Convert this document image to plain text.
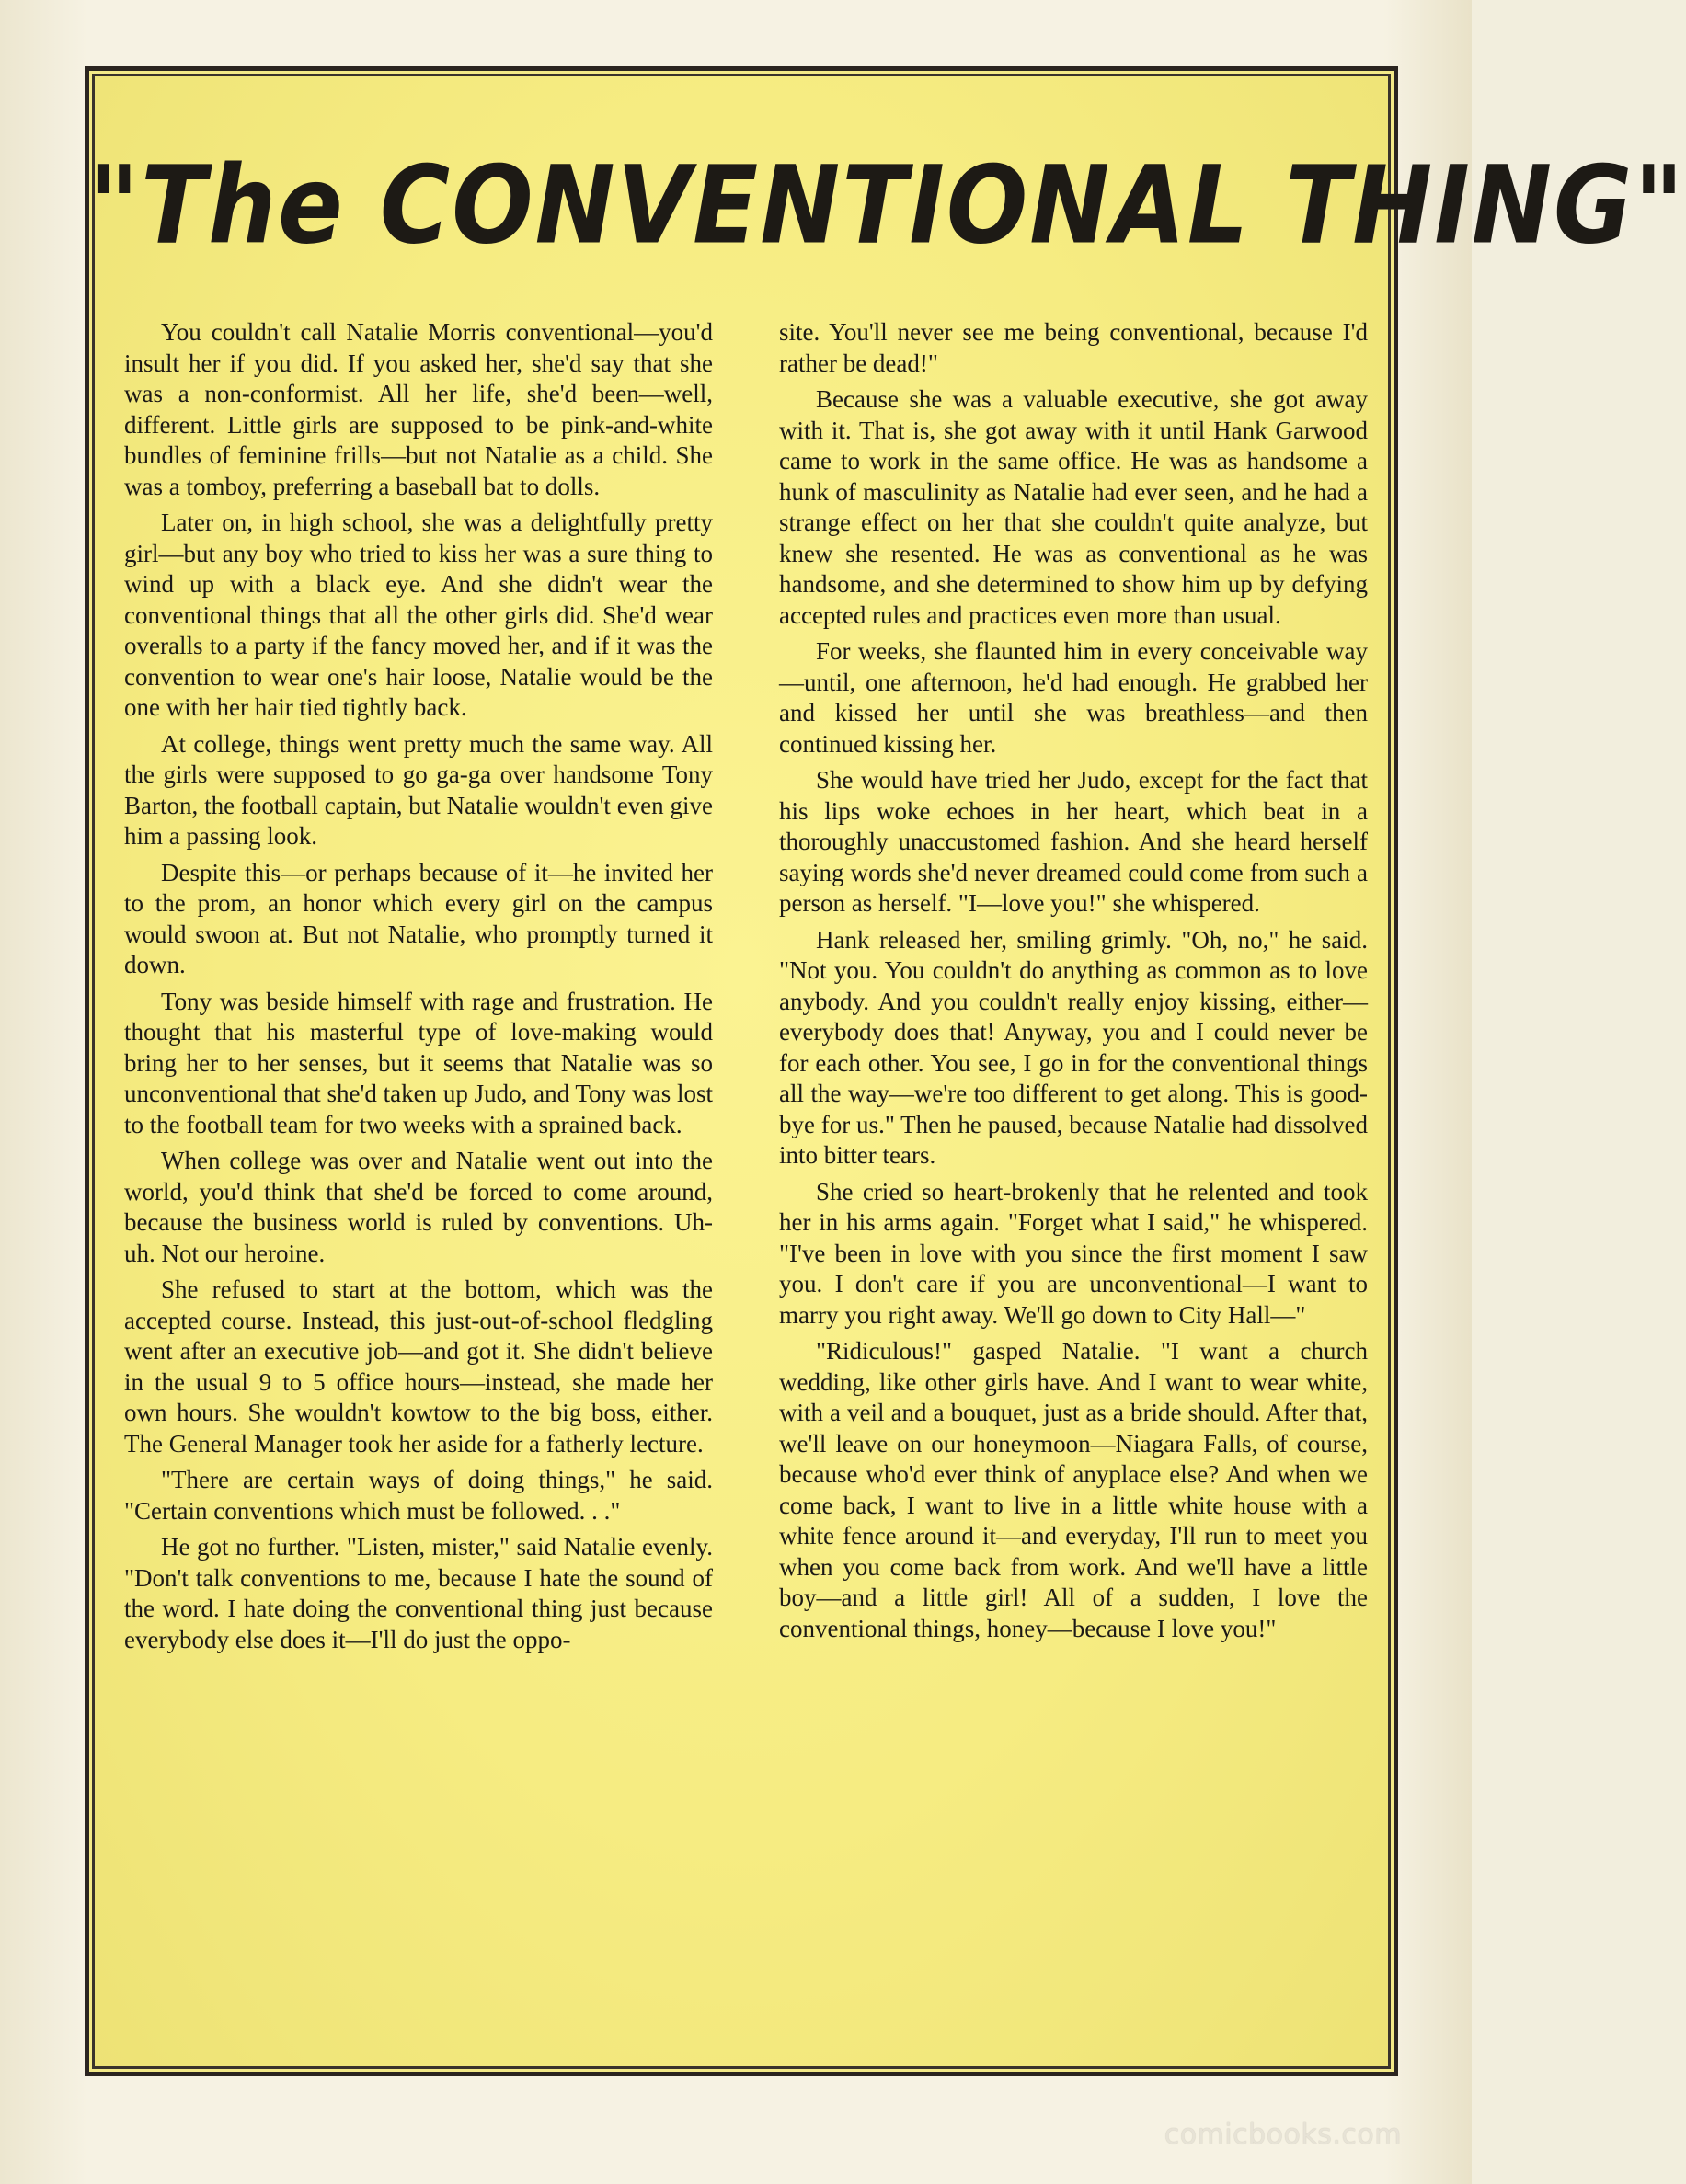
"The CONVENTIONAL THING"

You couldn't call Natalie Morris conventional—you'd insult her if you did. If you asked her, she'd say that she was a non-conformist. All her life, she'd been—well, different. Little girls are supposed to be pink-and-white bundles of feminine frills—but not Natalie as a child. She was a tomboy, preferring a baseball bat to dolls.

Later on, in high school, she was a delightfully pretty girl—but any boy who tried to kiss her was a sure thing to wind up with a black eye. And she didn't wear the conventional things that all the other girls did. She'd wear overalls to a party if the fancy moved her, and if it was the convention to wear one's hair loose, Natalie would be the one with her hair tied tightly back.

At college, things went pretty much the same way. All the girls were supposed to go ga-ga over handsome Tony Barton, the football captain, but Natalie wouldn't even give him a passing look.

Despite this—or perhaps because of it—he invited her to the prom, an honor which every girl on the campus would swoon at. But not Natalie, who promptly turned it down.

Tony was beside himself with rage and frustration. He thought that his masterful type of love-making would bring her to her senses, but it seems that Natalie was so unconventional that she'd taken up Judo, and Tony was lost to the football team for two weeks with a sprained back.

When college was over and Natalie went out into the world, you'd think that she'd be forced to come around, because the business world is ruled by conventions. Uh-uh. Not our heroine.

She refused to start at the bottom, which was the accepted course. Instead, this just-out-of-school fledgling went after an executive job—and got it. She didn't believe in the usual 9 to 5 office hours—instead, she made her own hours. She wouldn't kowtow to the big boss, either. The General Manager took her aside for a fatherly lecture.

"There are certain ways of doing things," he said. "Certain conventions which must be followed. . ."

He got no further. "Listen, mister," said Natalie evenly. "Don't talk conventions to me, because I hate the sound of the word. I hate doing the conventional thing just because everybody else does it—I'll do just the oppo-

site. You'll never see me being conventional, because I'd rather be dead!"

Because she was a valuable executive, she got away with it. That is, she got away with it until Hank Garwood came to work in the same office. He was as handsome a hunk of masculinity as Natalie had ever seen, and he had a strange effect on her that she couldn't quite analyze, but knew she resented. He was as conventional as he was handsome, and she determined to show him up by defying accepted rules and practices even more than usual.

For weeks, she flaunted him in every conceivable way—until, one afternoon, he'd had enough. He grabbed her and kissed her until she was breathless—and then continued kissing her.

She would have tried her Judo, except for the fact that his lips woke echoes in her heart, which beat in a thoroughly unaccustomed fashion. And she heard herself saying words she'd never dreamed could come from such a person as herself. "I—love you!" she whispered.

Hank released her, smiling grimly. "Oh, no," he said. "Not you. You couldn't do anything as common as to love anybody. And you couldn't really enjoy kissing, either—everybody does that! Anyway, you and I could never be for each other. You see, I go in for the conventional things all the way—we're too different to get along. This is good-bye for us." Then he paused, because Natalie had dissolved into bitter tears.

She cried so heart-brokenly that he relented and took her in his arms again. "Forget what I said," he whispered. "I've been in love with you since the first moment I saw you. I don't care if you are unconventional—I want to marry you right away. We'll go down to City Hall—"

"Ridiculous!" gasped Natalie. "I want a church wedding, like other girls have. And I want to wear white, with a veil and a bouquet, just as a bride should. After that, we'll leave on our honeymoon—Niagara Falls, of course, because who'd ever think of anyplace else? And when we come back, I want to live in a little white house with a white fence around it—and everyday, I'll run to meet you when you come back from work. And we'll have a little boy—and a little girl! All of a sudden, I love the conventional things, honey—because I love you!"

comicbooks.com
